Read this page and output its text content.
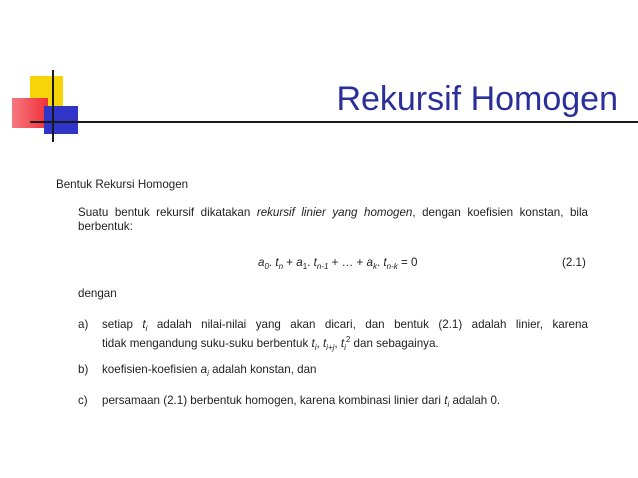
Rekursif Homogen
Bentuk Rekursi Homogen
Suatu bentuk rekursif dikatakan rekursif linier yang homogen, dengan koefisien konstan, bila berbentuk:
$a_0$. $t_n + a_1$. $t_{n-1}$ + … + $a_k$. $t_{n-k} = 0$	(2.1)
dengan
a) setiap $t_i$ adalah nilai-nilai yang akan dicari, dan bentuk (2.1) adalah linier, karena
tidak mengandung suku-suku berbentuk $t_i$, $t_{i+j}$, $t_i^2$ dan sebagainya.
b) koefisien-koefisien $a_i$ adalah konstan, dan
c) persamaan (2.1) berbentuk homogen, karena kombinasi linier dari $t_i$ adalah 0.
